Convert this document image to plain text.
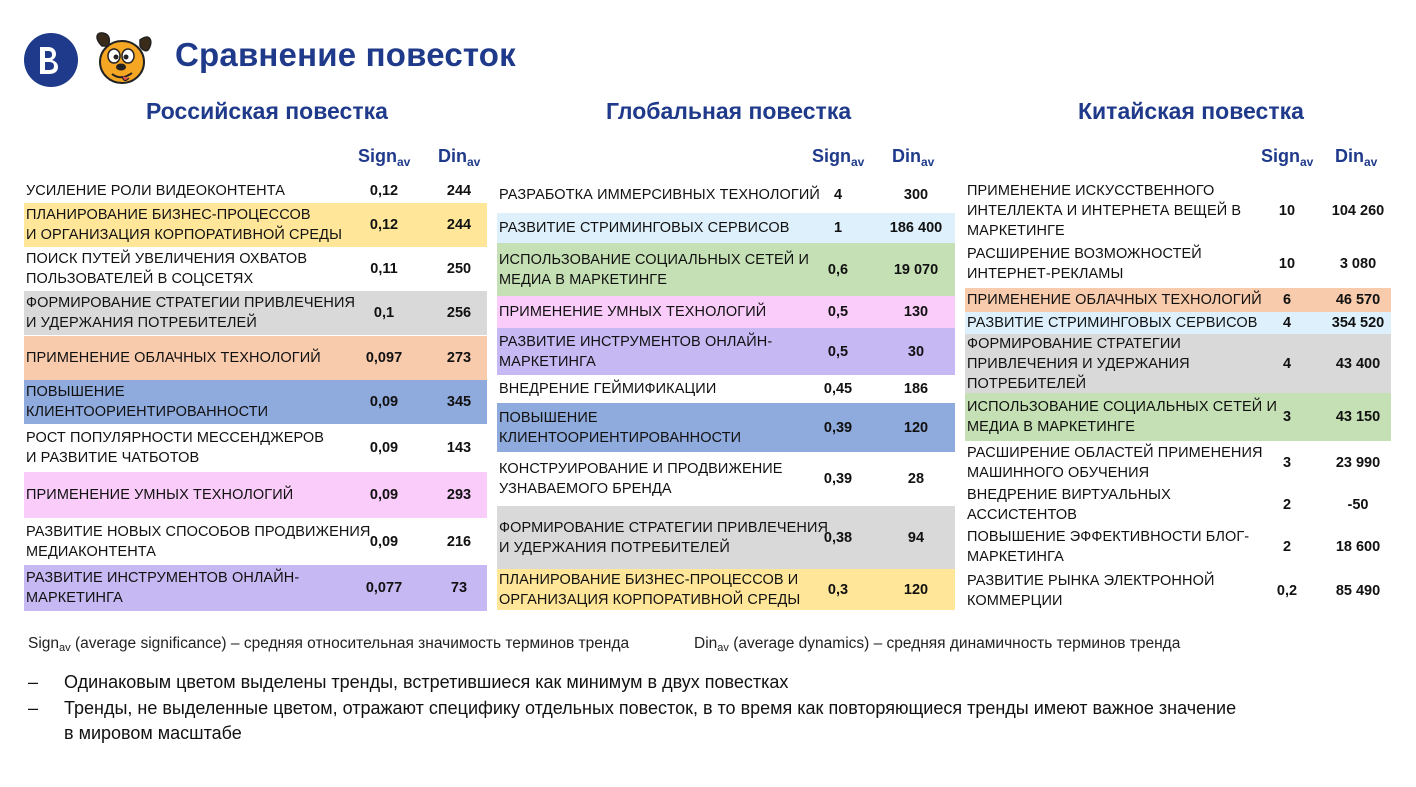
Сравнение повесток
Российская повестка	Глобальная повестка	Китайская повестка
Sign$_{av}$ Din$_{av}$	Sign$_{av}$ Din$_{av}$	Sign$_{av}$ Din$_{av}$
УСИЛЕНИЕ РОЛИ ВИДЕОКОНТЕНТА	0,12	244
ПЛАНИРОВАНИЕ БИЗНЕС-ПРОЦЕССОВ
И ОРГАНИЗАЦИЯ КОРПОРАТИВНОЙ СРЕДЫ
0,12	244
ПОИСК ПУТЕЙ УВЕЛИЧЕНИЯ ОХВАТОВ
ПОЛЬЗОВАТЕЛЕЙ В СОЦСЕТЯХ
0,11	250
ФОРМИРОВАНИЕ СТРАТЕГИИ ПРИВЛЕЧЕНИЯ
И УДЕРЖАНИЯ ПОТРЕБИТЕЛЕЙ
0,1	256
ПРИМЕНЕНИЕ ОБЛАЧНЫХ ТЕХНОЛОГИЙ	0,097	273
ПОВЫШЕНИЕ
КЛИЕНТООРИЕНТИРОВАННОСТИ
0,09	345
РОСТ ПОПУЛЯРНОСТИ МЕССЕНДЖЕРОВ
И РАЗВИТИЕ ЧАТБОТОВ
0,09	143
ПРИМЕНЕНИЕ УМНЫХ ТЕХНОЛОГИЙ	0,09	293
РАЗВИТИЕ НОВЫХ СПОСОБОВ ПРОДВИЖЕНИЯ
МЕДИАКОНТЕНТА
0,09	216
РАЗВИТИЕ ИНСТРУМЕНТОВ ОНЛАЙН-
МАРКЕТИНГА
0,077	73
РАЗРАБОТКА ИММЕРСИВНЫХ ТЕХНОЛОГИЙ 4	300
РАЗВИТИЕ СТРИМИНГОВЫХ СЕРВИСОВ	1	186 400
ИСПОЛЬЗОВАНИЕ СОЦИАЛЬНЫХ СЕТЕЙ И
МЕДИА В МАРКЕТИНГЕ
0,6	19 070
ПРИМЕНЕНИЕ УМНЫХ ТЕХНОЛОГИЙ	0,5	130
РАЗВИТИЕ ИНСТРУМЕНТОВ ОНЛАЙН-
МАРКЕТИНГА
0,5	30
ВНЕДРЕНИЕ ГЕЙМИФИКАЦИИ	0,45	186
ПОВЫШЕНИЕ
КЛИЕНТООРИЕНТИРОВАННОСТИ
0,39	120
КОНСТРУИРОВАНИЕ И ПРОДВИЖЕНИЕ
УЗНАВАЕМОГО БРЕНДА
0,39	28
ФОРМИРОВАНИЕ СТРАТЕГИИ ПРИВЛЕЧЕНИЯ
И УДЕРЖАНИЯ ПОТРЕБИТЕЛЕЙ
0,38	94
ПЛАНИРОВАНИЕ БИЗНЕС-ПРОЦЕССОВ И
ОРГАНИЗАЦИЯ КОРПОРАТИВНОЙ СРЕДЫ
0,3	120
ПРИМЕНЕНИЕ ИСКУССТВЕННОГО
ИНТЕЛЛЕКТА И ИНТЕРНЕТА ВЕЩЕЙ В
МАРКЕТИНГЕ
10	104 260
РАСШИРЕНИЕ ВОЗМОЖНОСТЕЙ
ИНТЕРНЕТ-РЕКЛАМЫ
10	3 080
ПРИМЕНЕНИЕ ОБЛАЧНЫХ ТЕХНОЛОГИЙ	6	46 570
РАЗВИТИЕ СТРИМИНГОВЫХ СЕРВИСОВ	4	354 520
ФОРМИРОВАНИЕ СТРАТЕГИИ
ПРИВЛЕЧЕНИЯ И УДЕРЖАНИЯ
ПОТРЕБИТЕЛЕЙ
4	43 400
ИСПОЛЬЗОВАНИЕ СОЦИАЛЬНЫХ СЕТЕЙ И
МЕДИА В МАРКЕТИНГЕ
3	43 150
РАСШИРЕНИЕ ОБЛАСТЕЙ ПРИМЕНЕНИЯ
МАШИННОГО ОБУЧЕНИЯ
3	23 990
ВНЕДРЕНИЕ ВИРТУАЛЬНЫХ
АССИСТЕНТОВ
2	-50
ПОВЫШЕНИЕ ЭФФЕКТИВНОСТИ БЛОГ-
МАРКЕТИНГА
2	18 600
РАЗВИТИЕ РЫНКА ЭЛЕКТРОННОЙ
КОММЕРЦИИ
0,2	85 490
Sign$_{av}$ (average significance) – средняя относительная значимость терминов тренда	Din$_{av}$ (average dynamics) – средняя динамичность терминов тренда
– Одинаковым цветом выделены тренды, встретившиеся как минимум в двух повестках
– Тренды, не выделенные цветом, отражают специфику отдельных повесток, в то время как повторяющиеся тренды имеют важное значение
в мировом масштабе
